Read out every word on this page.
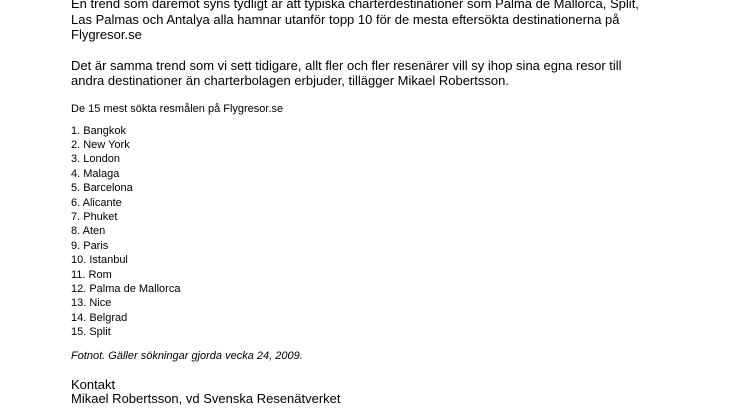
En trend som däremot syns tydligt är att typiska charterdestinationer som Palma de Mallorca, Split,

Las Palmas och Antalya alla hamnar utanför topp 10 för de mesta eftersökta destinationerna på

Flygresor.se

Det är samma trend som vi sett tidigare, allt fler och fler resenärer vill sy ihop sina egna resor till

andra destinationer än charterbolagen erbjuder, tillägger Mikael Robertsson.

De 15 mest sökta resmålen på Flygresor.se

1. Bangkok
2. New York
3. London
4. Malaga
5. Barcelona
6. Alicante
7. Phuket
8. Aten
9. Paris
10. Istanbul
11. Rom
12. Palma de Mallorca
13. Nice
14. Belgrad
15. Split

Fotnot. Gäller sökningar gjorda vecka 24, 2009.

Kontakt

Mikael Robertsson, vd Svenska Resenätverket
